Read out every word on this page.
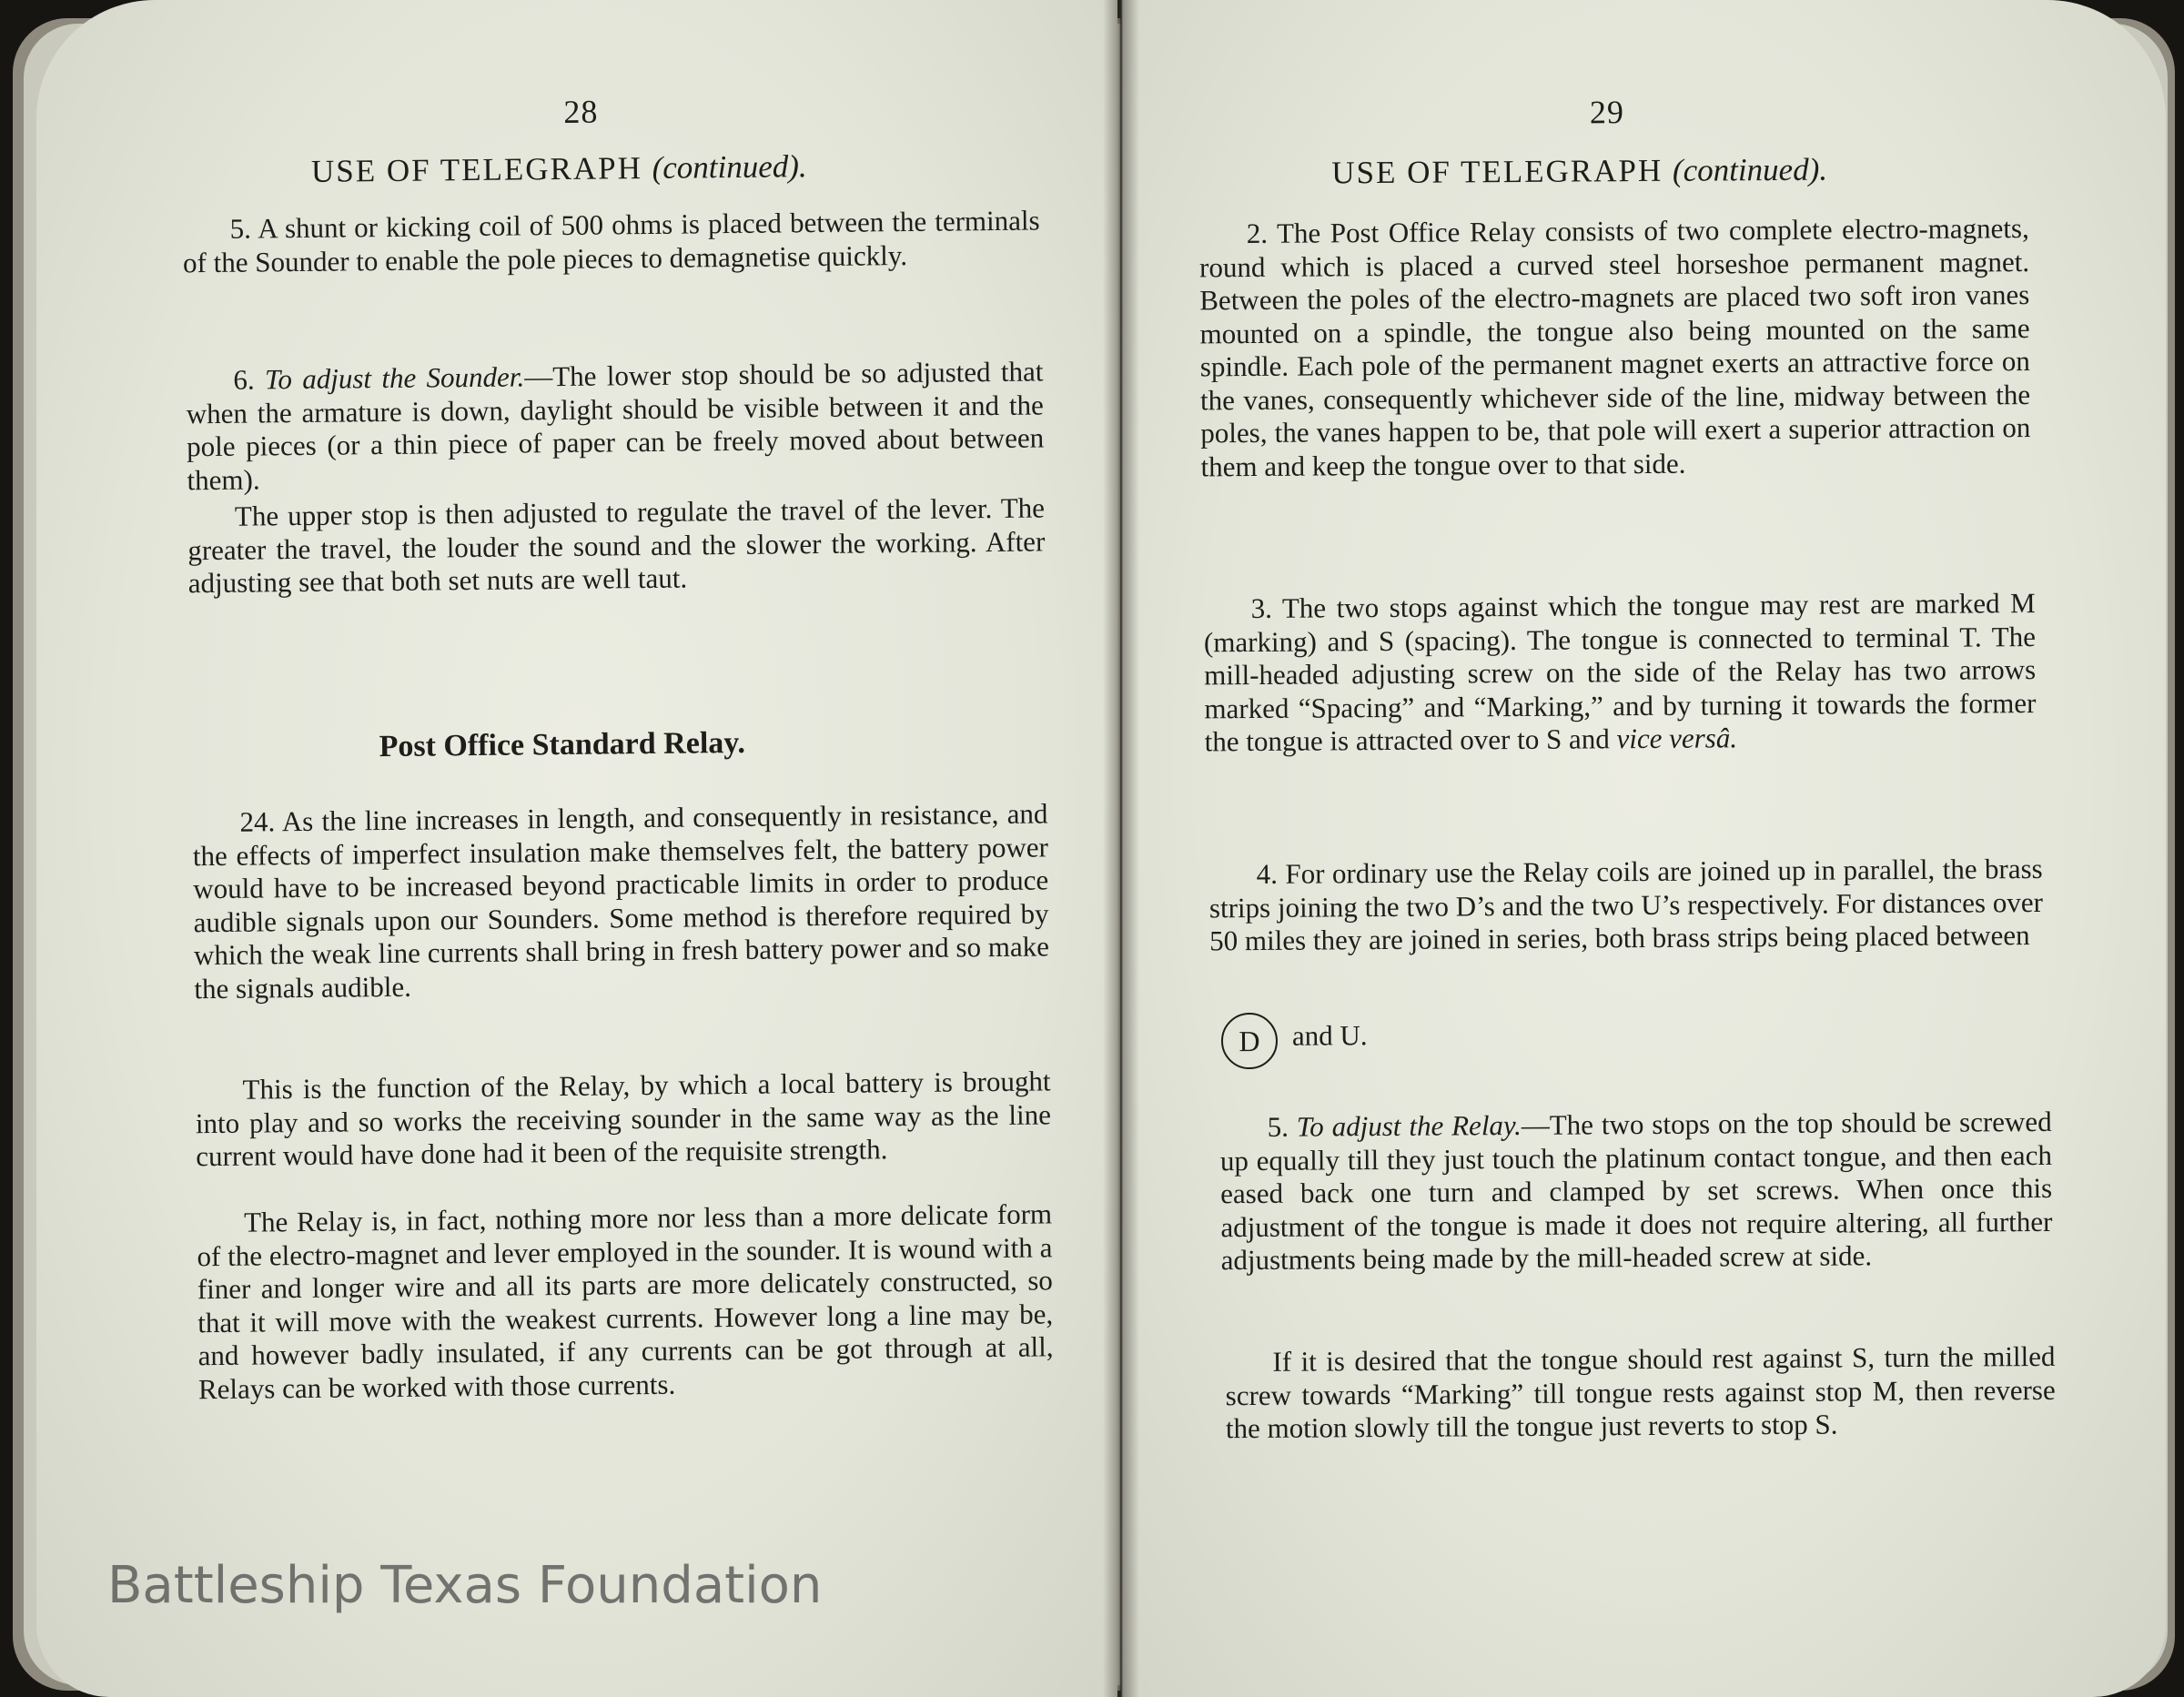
28
USE OF TELEGRAPH (continued).
5. A shunt or kicking coil of 500 ohms is placed between the terminals of the Sounder to enable the pole pieces to demagnetise quickly.
6. To adjust the Sounder.—The lower stop should be so adjusted that when the armature is down, daylight should be visible between it and the pole pieces (or a thin piece of paper can be freely moved about between them).
The upper stop is then adjusted to regulate the travel of the lever. The greater the travel, the louder the sound and the slower the working. After adjusting see that both set nuts are well taut.
Post Office Standard Relay.
24. As the line increases in length, and consequently in resistance, and the effects of imperfect insulation make themselves felt, the battery power would have to be increased beyond practicable limits in order to produce audible signals upon our Sounders. Some method is therefore required by which the weak line currents shall bring in fresh battery power and so make the signals audible.
This is the function of the Relay, by which a local battery is brought into play and so works the receiving sounder in the same way as the line current would have done had it been of the requisite strength.
The Relay is, in fact, nothing more nor less than a more delicate form of the electro-magnet and lever employed in the sounder. It is wound with a finer and longer wire and all its parts are more delicately constructed, so that it will move with the weakest currents. However long a line may be, and however badly insulated, if any currents can be got through at all, Relays can be worked with those currents.
29
USE OF TELEGRAPH (continued).
2. The Post Office Relay consists of two complete electro-magnets, round which is placed a curved steel horseshoe permanent magnet. Between the poles of the electro-magnets are placed two soft iron vanes mounted on a spindle, the tongue also being mounted on the same spindle. Each pole of the permanent magnet exerts an attractive force on the vanes, consequently whichever side of the line, midway between the poles, the vanes happen to be, that pole will exert a superior attraction on them and keep the tongue over to that side.
3. The two stops against which the tongue may rest are marked M (marking) and S (spacing). The tongue is connected to terminal T. The mill-headed adjusting screw on the side of the Relay has two arrows marked “Spacing” and “Marking,” and by turning it towards the former the tongue is attracted over to S and vice versâ.
4. For ordinary use the Relay coils are joined up in parallel, the brass strips joining the two D’s and the two U’s respectively. For distances over 50 miles they are joined in series, both brass strips being placed between
D	and U.
5. To adjust the Relay.—The two stops on the top should be screwed up equally till they just touch the platinum contact tongue, and then each eased back one turn and clamped by set screws. When once this adjustment of the tongue is made it does not require altering, all further adjustments being made by the mill-headed screw at side.
If it is desired that the tongue should rest against S, turn the milled screw towards “Marking” till tongue rests against stop M, then reverse the motion slowly till the tongue just reverts to stop S.
Battleship Texas Foundation
